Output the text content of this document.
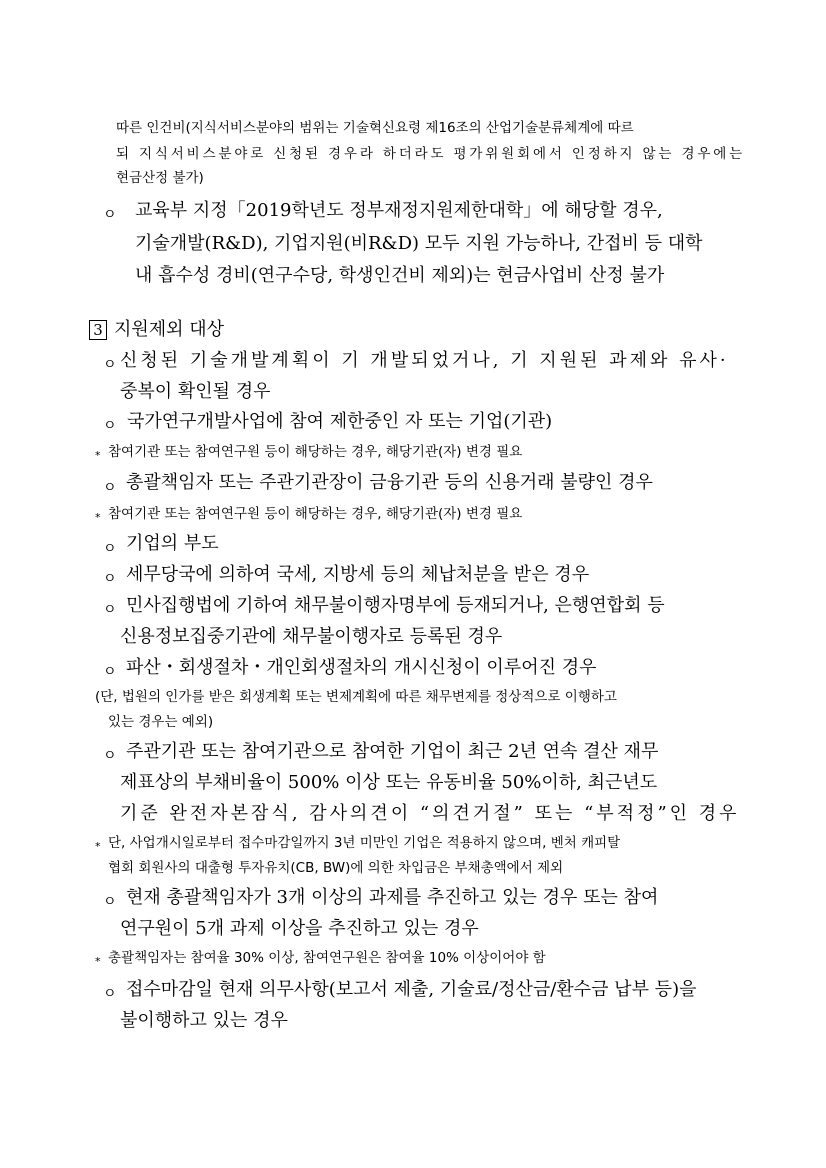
따른 인건비(지식서비스분야의 범위는 기술혁신요령 제16조의 산업기술분류체계에 따르
되 지식서비스분야로 신청된 경우라 하더라도 평가위원회에서 인정하지 않는 경우에는
현금산정 불가)
ㅇ 교육부 지정「2019학년도 정부재정지원제한대학」에 해당할 경우,
기술개발(R&D), 기업지원(비R&D) 모두 지원 가능하나, 간접비 등 대학
내 흡수성 경비(연구수당, 학생인건비 제외)는 현금사업비 산정 불가
3 지원제외 대상
ㅇ 신청된 기술개발계획이 기 개발되었거나, 기 지원된 과제와 유사·
중복이 확인될 경우
ㅇ 국가연구개발사업에 참여 제한중인 자 또는 기업(기관)
* 참여기관 또는 참여연구원 등이 해당하는 경우, 해당기관(자) 변경 필요
ㅇ 총괄책임자 또는 주관기관장이 금융기관 등의 신용거래 불량인 경우
* 참여기관 또는 참여연구원 등이 해당하는 경우, 해당기관(자) 변경 필요
ㅇ 기업의 부도
ㅇ 세무당국에 의하여 국세, 지방세 등의 체납처분을 받은 경우
ㅇ 민사집행법에 기하여 채무불이행자명부에 등재되거나, 은행연합회 등
신용정보집중기관에 채무불이행자로 등록된 경우
ㅇ 파산・회생절차・개인회생절차의 개시신청이 이루어진 경우
(단, 법원의 인가를 받은 회생계획 또는 변제계획에 따른 채무변제를 정상적으로 이행하고
있는 경우는 예외)
ㅇ 주관기관 또는 참여기관으로 참여한 기업이 최근 2년 연속 결산 재무
제표상의 부채비율이 500% 이상 또는 유동비율 50%이하, 최근년도
기준 완전자본잠식, 감사의견이 “의견거절” 또는 “부적정”인 경우
* 단, 사업개시일로부터 접수마감일까지 3년 미만인 기업은 적용하지 않으며, 벤처 캐피탈
협회 회원사의 대출형 투자유치(CB, BW)에 의한 차입금은 부채총액에서 제외
ㅇ 현재 총괄책임자가 3개 이상의 과제를 추진하고 있는 경우 또는 참여
연구원이 5개 과제 이상을 추진하고 있는 경우
* 총괄책임자는 참여율 30% 이상, 참여연구원은 참여율 10% 이상이어야 함
ㅇ 접수마감일 현재 의무사항(보고서 제출, 기술료/정산금/환수금 납부 등)을
불이행하고 있는 경우
